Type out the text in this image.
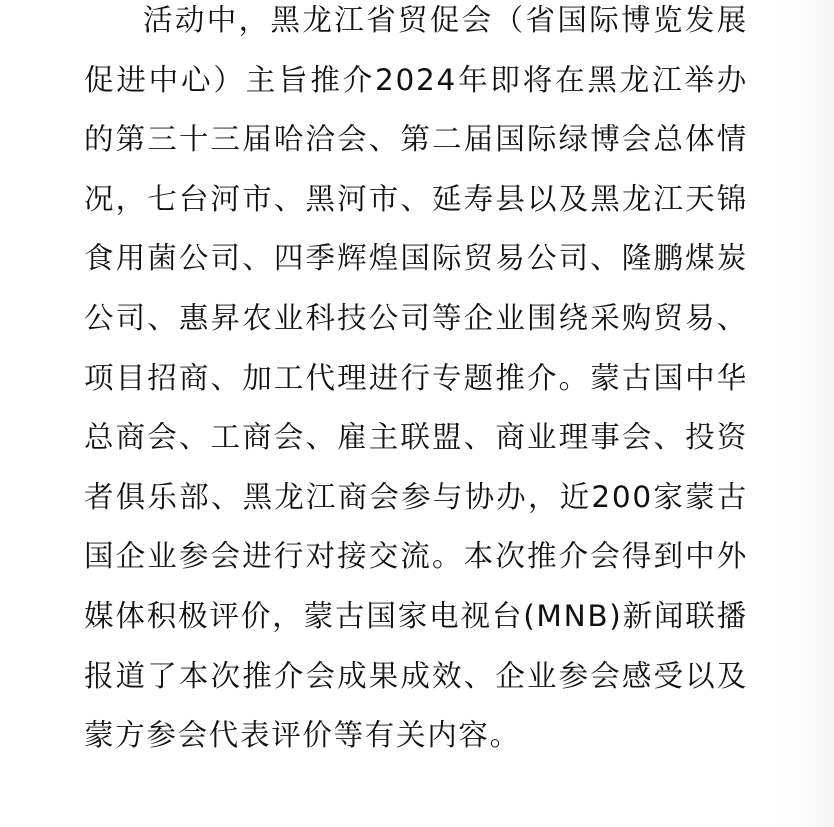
活动中，黑龙江省贸促会（省国际博览发展促进中心）主旨推介2024年即将在黑龙江举办的第三十三届哈洽会、第二届国际绿博会总体情况，七台河市、黑河市、延寿县以及黑龙江天锦食用菌公司、四季辉煌国际贸易公司、隆鹏煤炭公司、惠昇农业科技公司等企业围绕采购贸易、项目招商、加工代理进行专题推介。蒙古国中华总商会、工商会、雇主联盟、商业理事会、投资者俱乐部、黑龙江商会参与协办，近200家蒙古国企业参会进行对接交流。本次推介会得到中外媒体积极评价，蒙古国家电视台(MNB)新闻联播报道了本次推介会成果成效、企业参会感受以及蒙方参会代表评价等有关内容。
